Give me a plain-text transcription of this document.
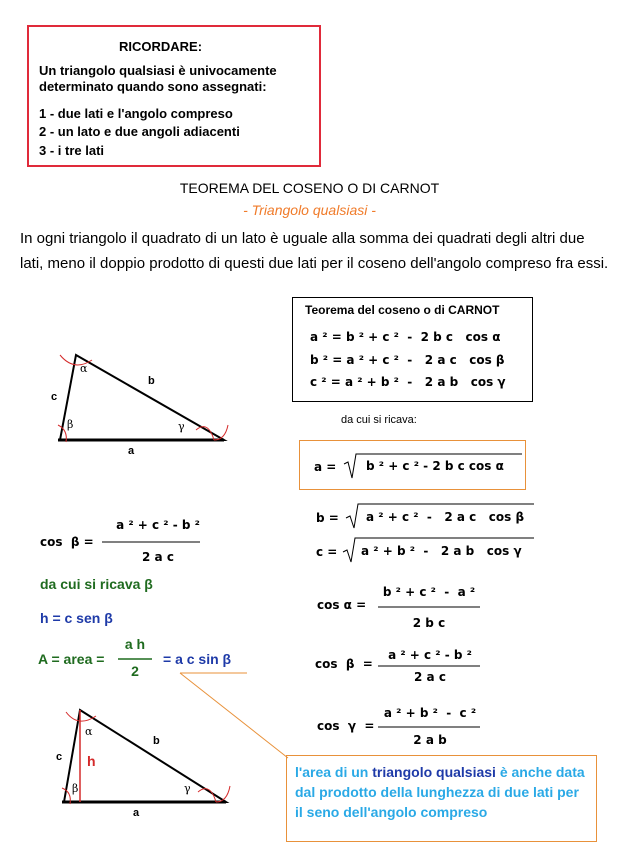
RICORDARE:
Un triangolo qualsiasi è univocamente
determinato quando sono assegnati:
1 - due lati e l'angolo compreso
2 - un lato e due angoli adiacenti
3 - i tre lati
TEOREMA DEL COSENO O DI CARNOT
- Triangolo qualsiasi -
In ogni triangolo il quadrato di un lato è uguale alla somma dei quadrati degli altri due lati, meno il doppio prodotto di questi due lati per il coseno dell'angolo compreso fra essi.
Teorema del coseno o di CARNOT
a ² = b ² + c ²  -  2 b c   cos α
b ² = a ² + c ²  -   2 a c   cos β
c ² = a ² + b ²  -   2 a b   cos γ
da cui si ricava:
a = b ² + c ² - 2 b c cos α
b = a ² + c ²  -   2 a c   cos β
c = a ² + b ²  -   2 a b   cos γ
cos α =
b ² + c ²  -  a ²
2 b c
cos  β  =
a ² + c ² - b ²
2 a c
cos  γ  =
a ² + b ²  -  c ²
2 a b
cos  β =
a ² + c ² - b ²
2 a c
da cui si ricava β
h = c sen β
A = area =
a h
2
= a c sin β
l'area di un triangolo qualsiasi è anche data dal prodotto della lunghezza di due lati per il seno dell'angolo compreso
α
b
c
β	γ
a
α
b
c h
β	γ
a
